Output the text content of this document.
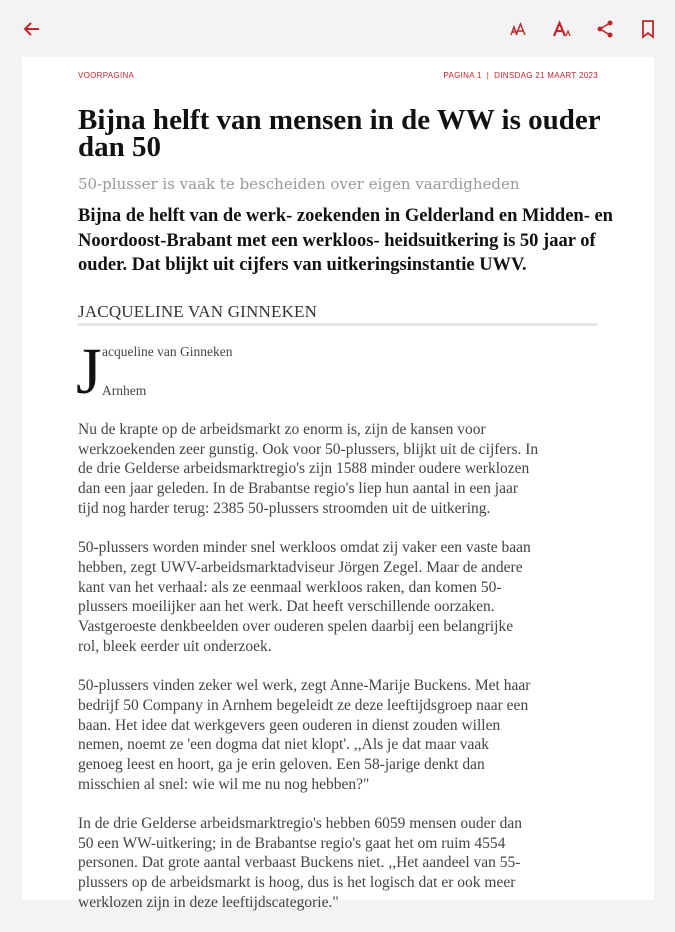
VOORPAGINA	PAGINA 1  |  DINSDAG 21 MAART 2023
Bijna helft van mensen in de WW is ouder dan 50
50-plusser is vaak te bescheiden over eigen vaardigheden
Bijna de helft van de werk- zoekenden in Gelderland en Midden- en Noordoost-Brabant met een werkloos- heidsuitkering is 50 jaar of ouder. Dat blijkt uit cijfers van uitkeringsinstantie UWV.
JACQUELINE VAN GINNEKEN
J acqueline van Ginneken
Arnhem

Nu de krapte op de arbeidsmarkt zo enorm is, zijn de kansen voor
werkzoekenden zeer gunstig. Ook voor 50-plussers, blijkt uit de cijfers. In
de drie Gelderse arbeidsmarktregio's zijn 1588 minder oudere werklozen
dan een jaar geleden. In de Brabantse regio's liep hun aantal in een jaar
tijd nog harder terug: 2385 50-plussers stroomden uit de uitkering.

50-plussers worden minder snel werkloos omdat zij vaker een vaste baan
hebben, zegt UWV-arbeidsmarktadviseur Jörgen Zegel. Maar de andere
kant van het verhaal: als ze eenmaal werkloos raken, dan komen 50-
plussers moeilijker aan het werk. Dat heeft verschillende oorzaken.
Vastgeroeste denkbeelden over ouderen spelen daarbij een belangrijke
rol, bleek eerder uit onderzoek.

50-plussers vinden zeker wel werk, zegt Anne-Marije Buckens. Met haar
bedrijf 50 Company in Arnhem begeleidt ze deze leeftijdsgroep naar een
baan. Het idee dat werkgevers geen ouderen in dienst zouden willen
nemen, noemt ze 'een dogma dat niet klopt'. ,,Als je dat maar vaak
genoeg leest en hoort, ga je erin geloven. Een 58-jarige denkt dan
misschien al snel: wie wil me nu nog hebben?"

In de drie Gelderse arbeidsmarktregio's hebben 6059 mensen ouder dan
50 een WW-uitkering; in de Brabantse regio's gaat het om ruim 4554
personen. Dat grote aantal verbaast Buckens niet. ,,Het aandeel van 55-
plussers op de arbeidsmarkt is hoog, dus is het logisch dat er ook meer
werklozen zijn in deze leeftijdscategorie."
